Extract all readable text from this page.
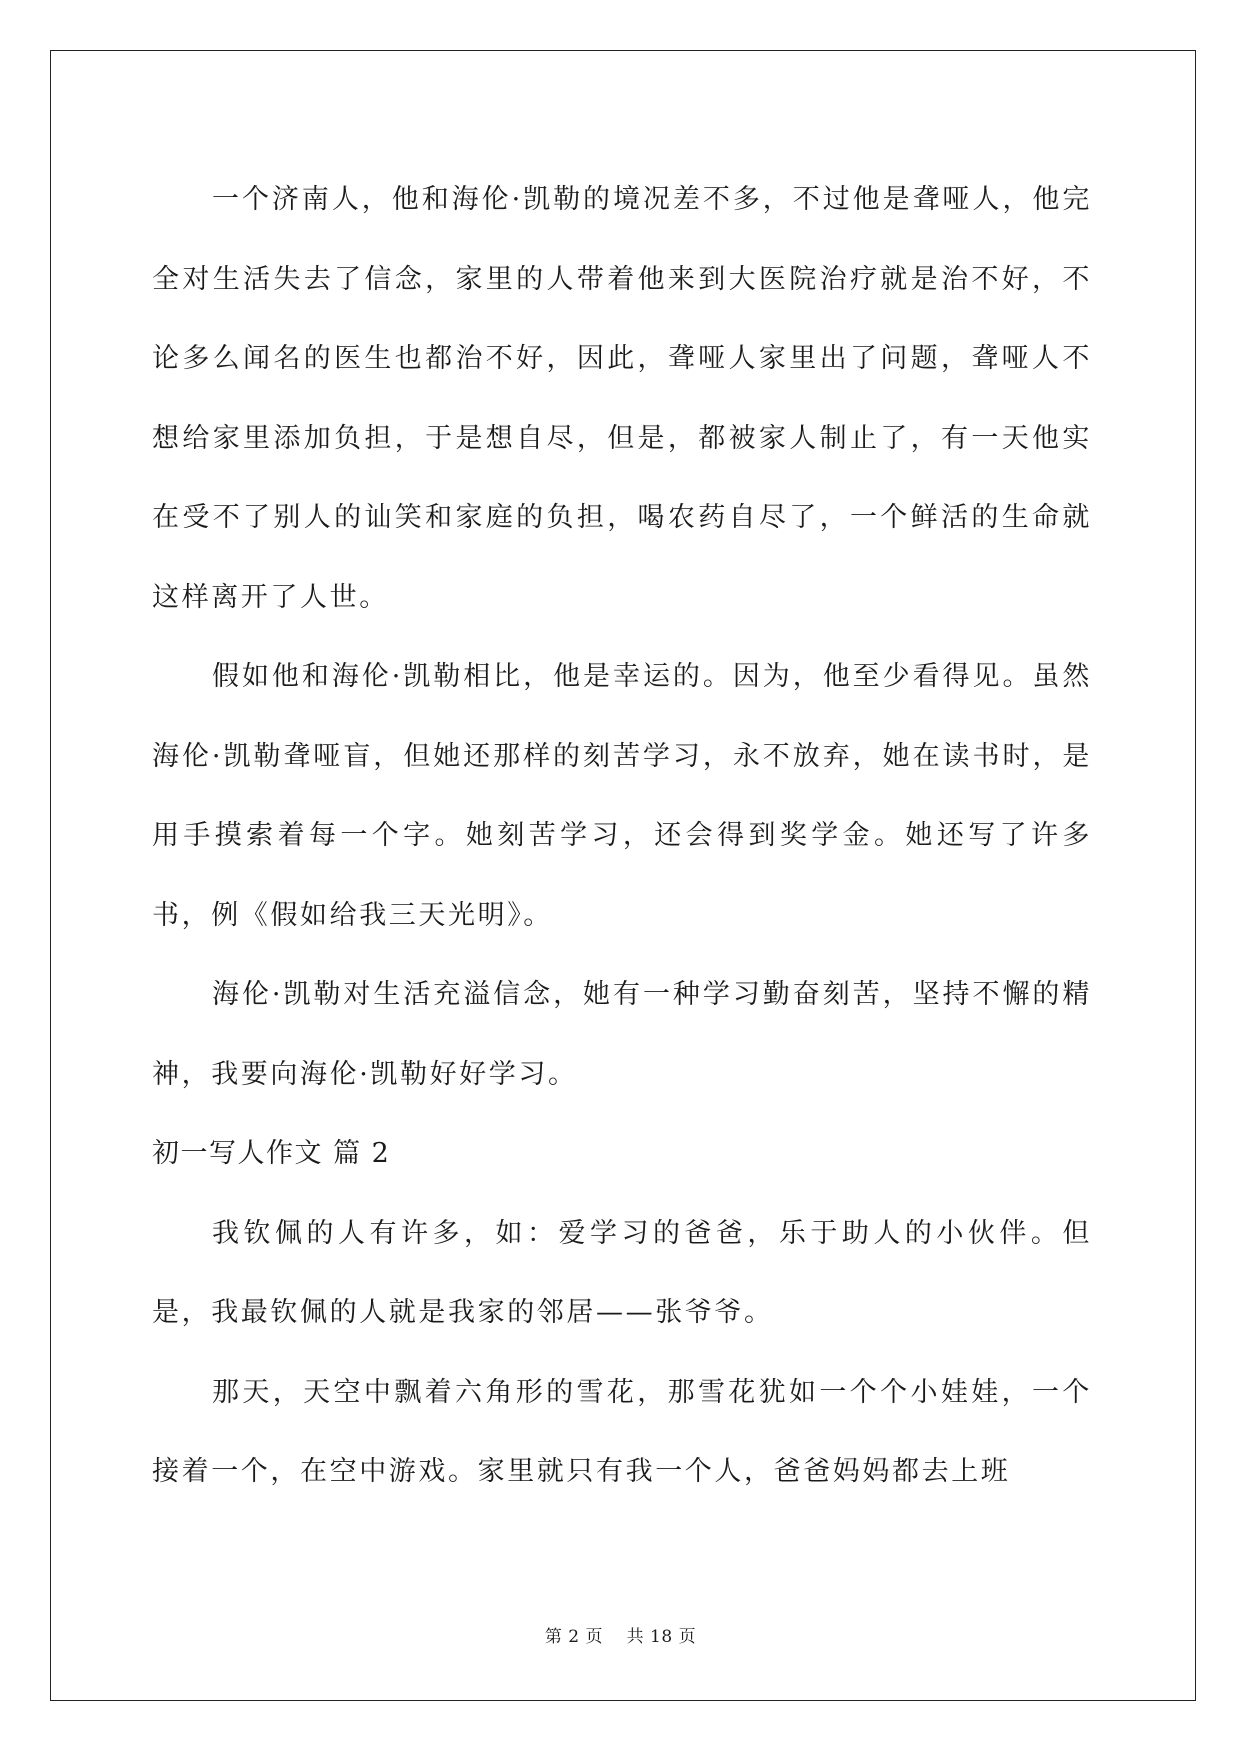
一个济南人，他和海伦·凯勒的境况差不多，不过他是聋哑人，他完全对生活失去了信念，家里的人带着他来到大医院治疗就是治不好，不论多么闻名的医生也都治不好，因此，聋哑人家里出了问题，聋哑人不想给家里添加负担，于是想自尽，但是，都被家人制止了，有一天他实在受不了别人的讪笑和家庭的负担，喝农药自尽了，一个鲜活的生命就这样离开了人世。

假如他和海伦·凯勒相比，他是幸运的。因为，他至少看得见。虽然海伦·凯勒聋哑盲，但她还那样的刻苦学习，永不放弃，她在读书时，是用手摸索着每一个字。她刻苦学习，还会得到奖学金。她还写了许多书，例《假如给我三天光明》。

海伦·凯勒对生活充溢信念，她有一种学习勤奋刻苦，坚持不懈的精神，我要向海伦·凯勒好好学习。

初一写人作文 篇 2

我钦佩的人有许多，如：爱学习的爸爸，乐于助人的小伙伴。但是，我最钦佩的人就是我家的邻居——张爷爷。

那天，天空中飘着六角形的雪花，那雪花犹如一个个小娃娃，一个接着一个，在空中游戏。家里就只有我一个人，爸爸妈妈都去上班

第 2 页    共 18 页
